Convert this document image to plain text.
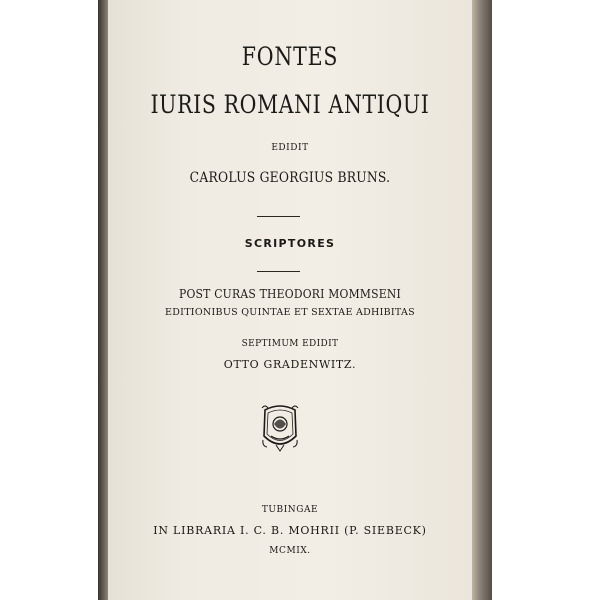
FONTES
IURIS ROMANI ANTIQUI
EDIDIT
CAROLUS GEORGIUS BRUNS.
SCRIPTORES
POST CURAS THEODORI MOMMSENI
EDITIONIBUS QUINTAE ET SEXTAE ADHIBITAS
SEPTIMUM EDIDIT
OTTO GRADENWITZ.
TUBINGAE
IN LIBRARIA I. C. B. MOHRII (P. SIEBECK)
MCMIX.
